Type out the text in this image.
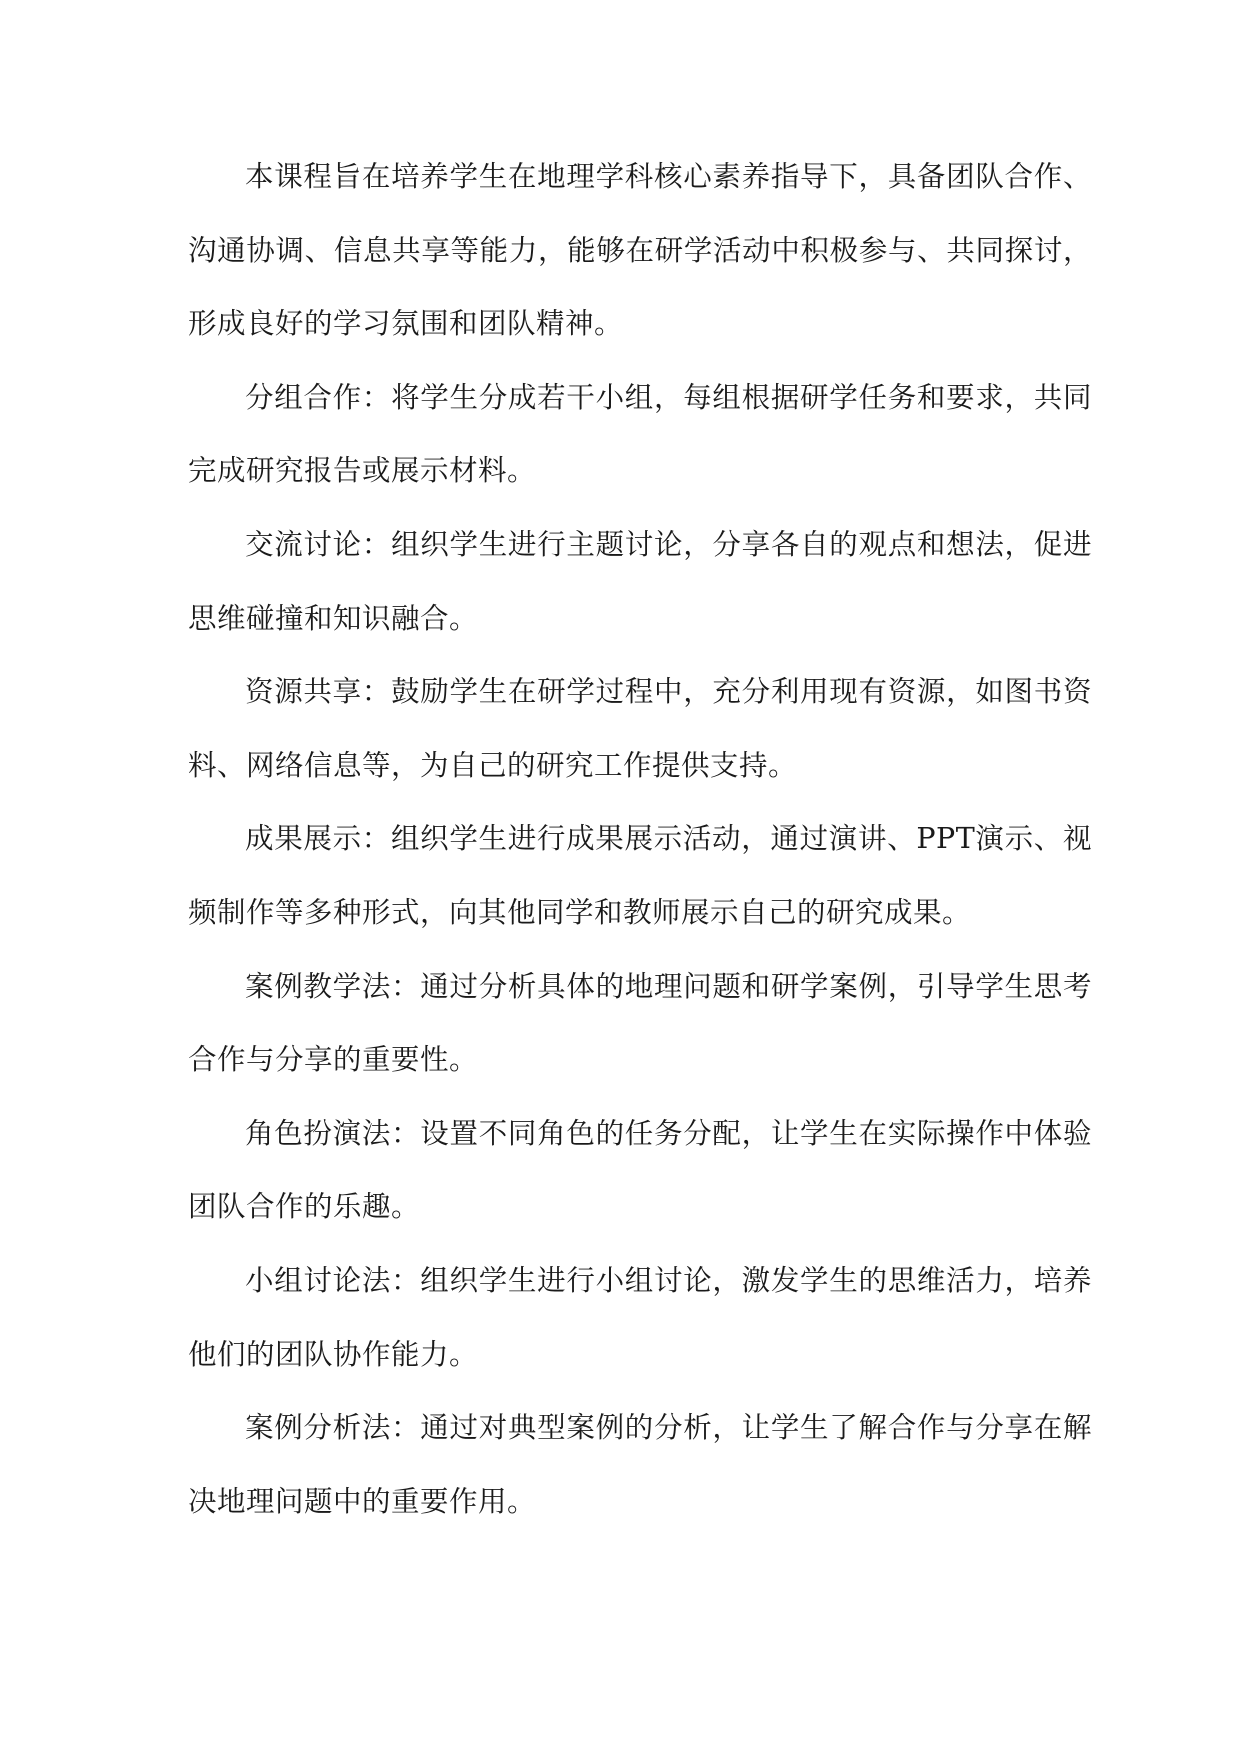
本课程旨在培养学生在地理学科核心素养指导下，具备团队合作、沟通协调、信息共享等能力，能够在研学活动中积极参与、共同探讨，形成良好的学习氛围和团队精神。

分组合作：将学生分成若干小组，每组根据研学任务和要求，共同完成研究报告或展示材料。

交流讨论：组织学生进行主题讨论，分享各自的观点和想法，促进思维碰撞和知识融合。

资源共享：鼓励学生在研学过程中，充分利用现有资源，如图书资料、网络信息等，为自己的研究工作提供支持。

成果展示：组织学生进行成果展示活动，通过演讲、PPT演示、视频制作等多种形式，向其他同学和教师展示自己的研究成果。

案例教学法：通过分析具体的地理问题和研学案例，引导学生思考合作与分享的重要性。

角色扮演法：设置不同角色的任务分配，让学生在实际操作中体验团队合作的乐趣。

小组讨论法：组织学生进行小组讨论，激发学生的思维活力，培养他们的团队协作能力。

案例分析法：通过对典型案例的分析，让学生了解合作与分享在解决地理问题中的重要作用。
